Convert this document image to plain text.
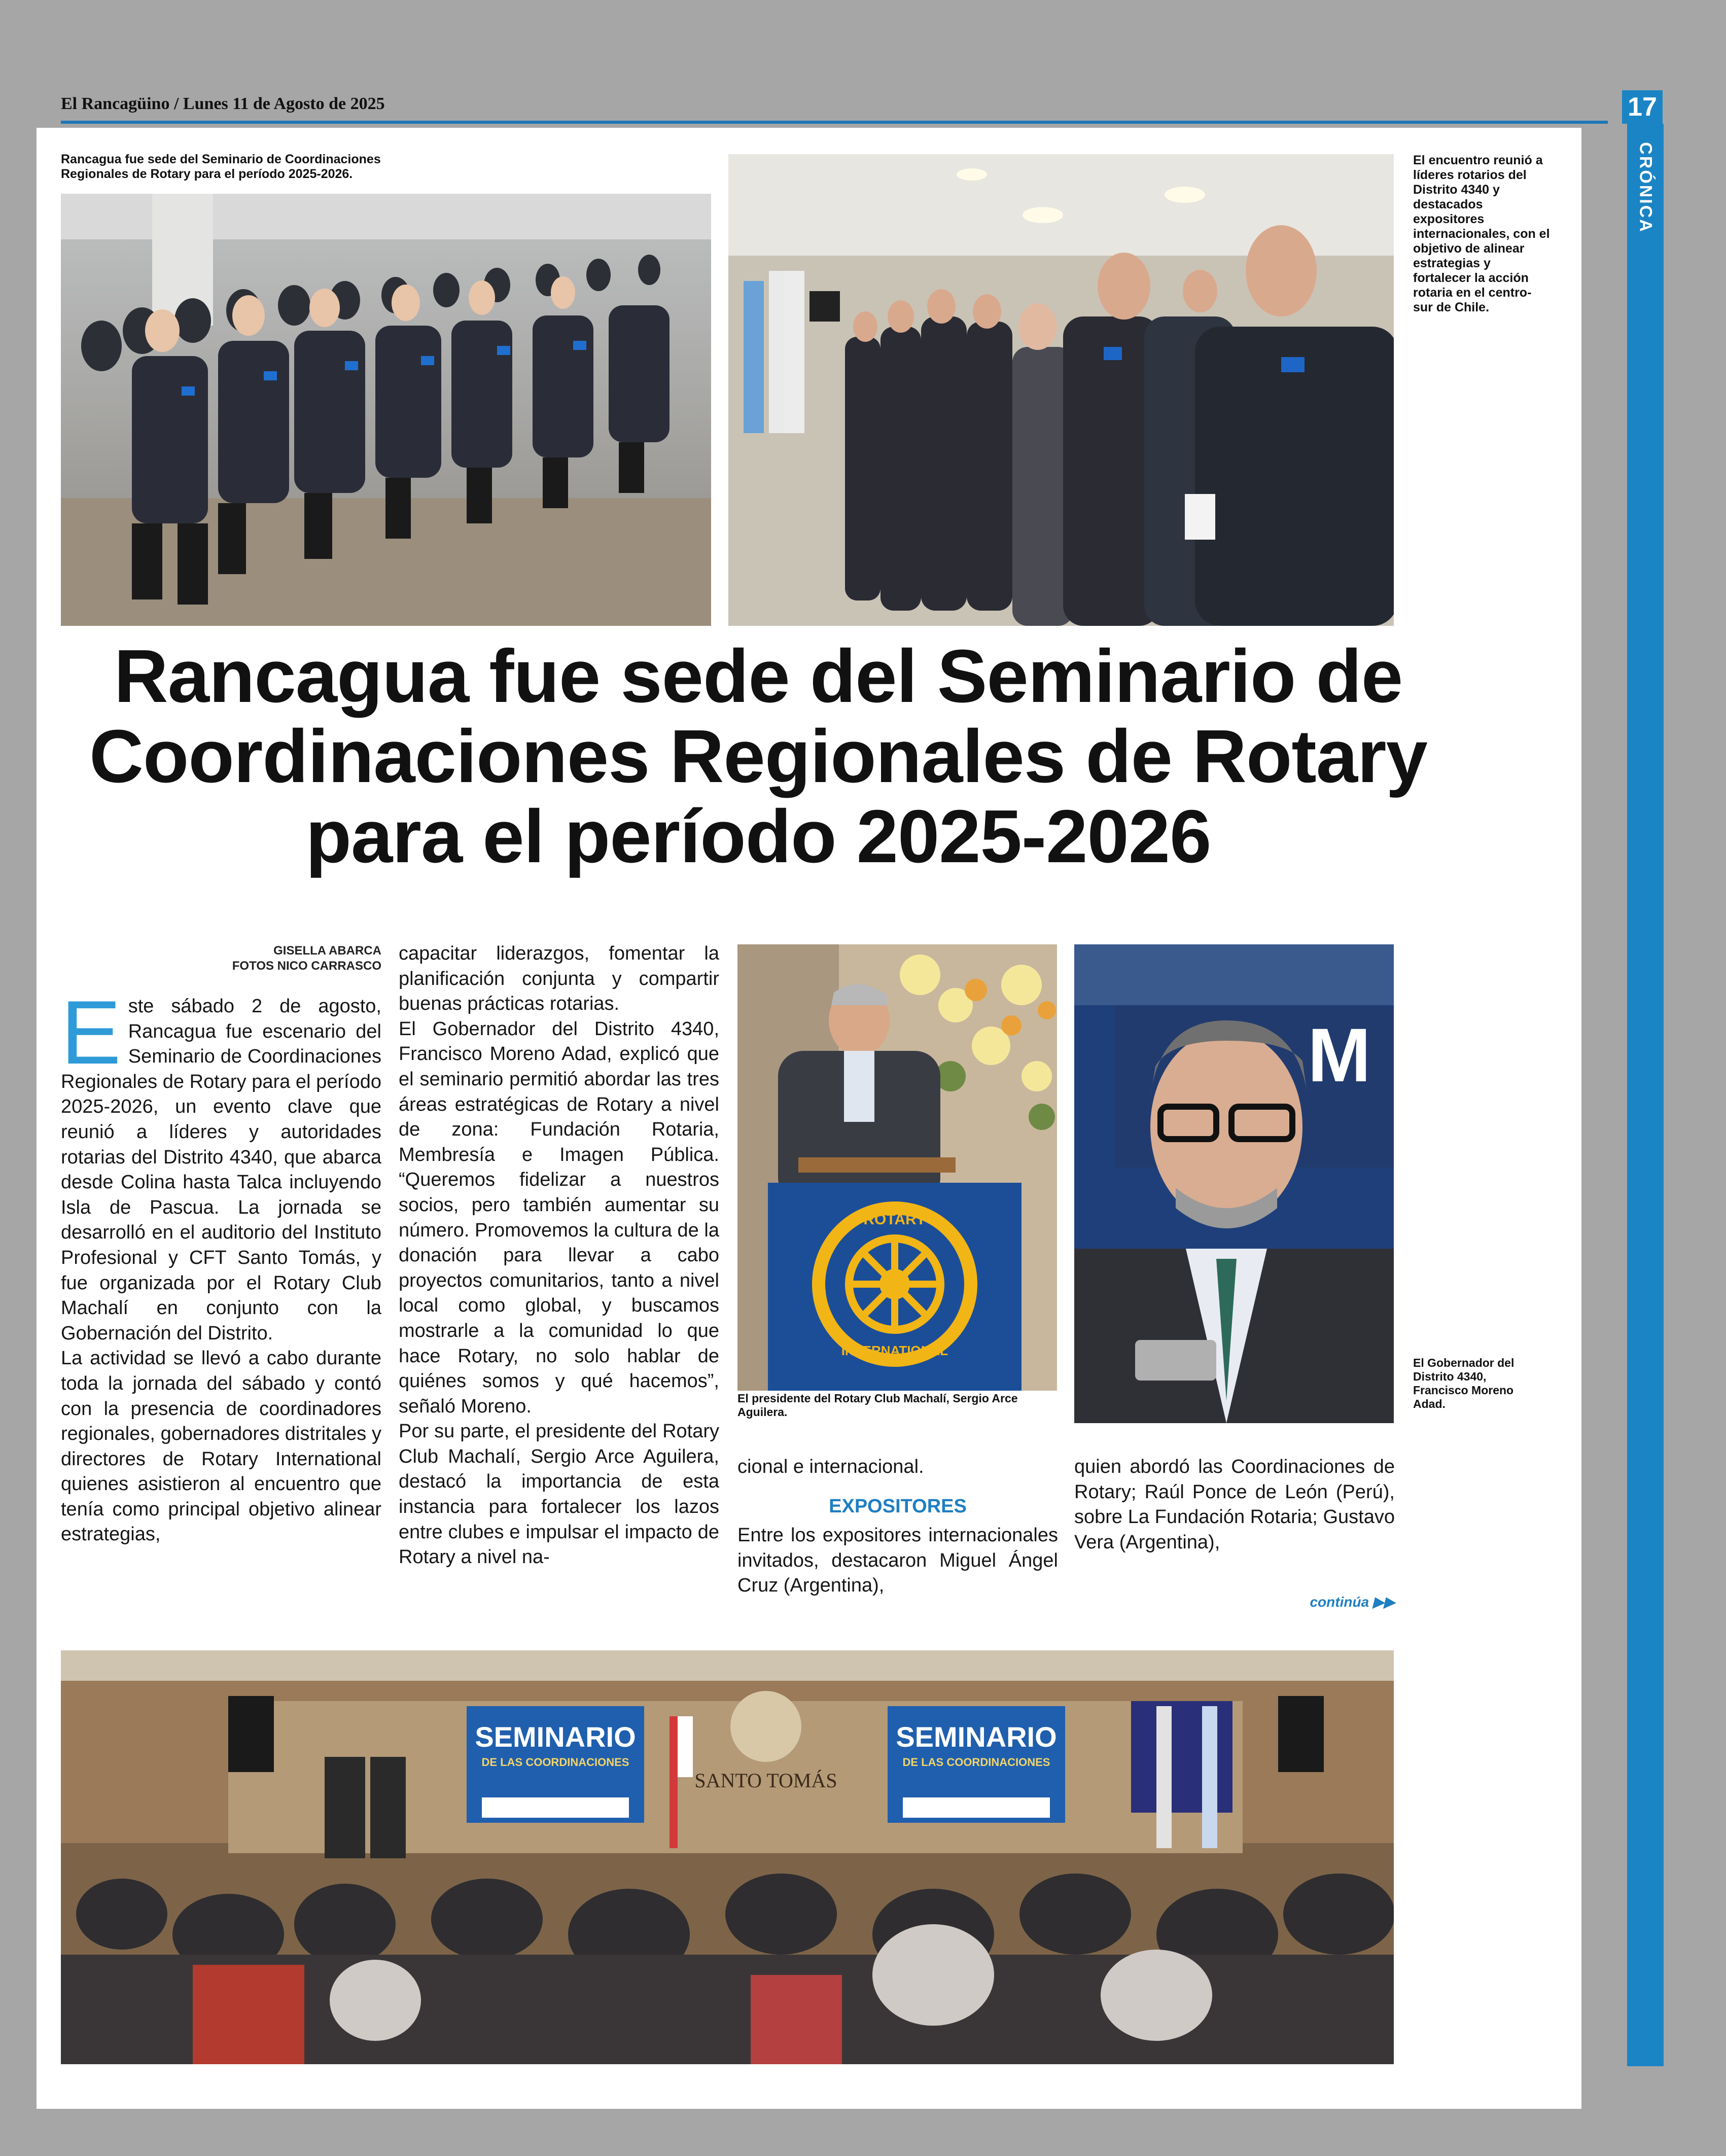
El Rancagüino / Lunes 11 de Agosto de 2025	17
CRÓNICA
Rancagua fue sede del Seminario de Coordinaciones Regionales de Rotary para el período 2025-2026.
El encuentro reunió a líderes rotarios del Distrito 4340 y destacados expositores internacionales, con el objetivo de alinear estrategias y fortalecer la acción rotaria en el centro-sur de Chile.
Rancagua fue sede del Seminario de Coordinaciones Regionales de Rotary para el período 2025-2026
GISELLA ABARCA
FOTOS NICO CARRASCO

Este sábado 2 de agosto, Rancagua fue escenario del Seminario de Coordinaciones Regionales de Rotary para el período 2025-2026, un evento clave que reunió a líderes y autoridades rotarias del Distrito 4340, que abarca desde Colina hasta Talca incluyendo Isla de Pascua. La jornada se desarrolló en el auditorio del Instituto Profesional y CFT Santo Tomás, y fue organizada por el Rotary Club Machalí en conjunto con la Gobernación del Distrito.

La actividad se llevó a cabo durante toda la jornada del sábado y contó con la presencia de coordinadores regionales, gobernadores distritales y directores de Rotary International quienes asistieron al encuentro que tenía como principal objetivo alinear estrategias,

capacitar liderazgos, fomentar la planificación conjunta y compartir buenas prácticas rotarias.

El Gobernador del Distrito 4340, Francisco Moreno Adad, explicó que el seminario permitió abordar las tres áreas estratégicas de Rotary a nivel de zona: Fundación Rotaria, Membresía e Imagen Pública. “Queremos fidelizar a nuestros socios, pero también aumentar su número. Promovemos la cultura de la donación para llevar a cabo proyectos comunitarios, tanto a nivel local como global, y buscamos mostrarle a la comunidad lo que hace Rotary, no solo hablar de quiénes somos y qué hacemos”, señaló Moreno.

Por su parte, el presidente del Rotary Club Machalí, Sergio Arce Aguilera, destacó la importancia de esta instancia para fortalecer los lazos entre clubes e impulsar el impacto de Rotary a nivel na-

ROTARY
INTERNATIONAL
El presidente del Rotary Club Machalí, Sergio Arce Aguilera.
M
El Gobernador del Distrito 4340, Francisco Moreno Adad.

cional e internacional.

EXPOSITORES

Entre los expositores internacionales invitados, destacaron Miguel Ángel Cruz (Argentina),

quien abordó las Coordinaciones de Rotary; Raúl Ponce de León (Perú), sobre La Fundación Rotaria; Gustavo Vera (Argentina),

continúa ▶▶
SEMINARIO
DE LAS COORDINACIONES
SEMINARIO
DE LAS COORDINACIONES
SANTO TOMÁS
